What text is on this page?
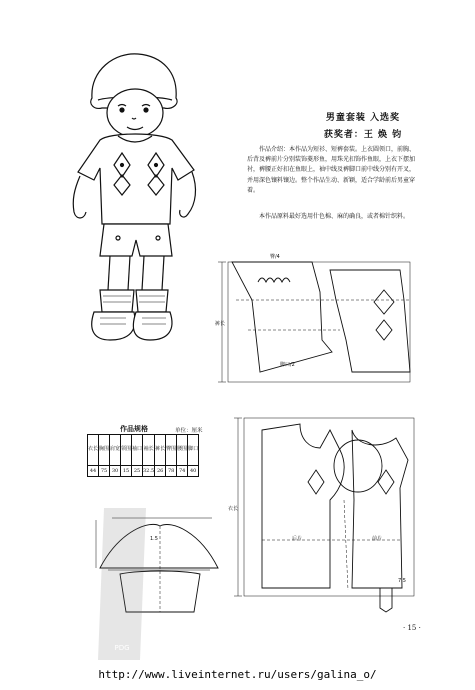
PDG
裤长
臀/4
脚口/2
衣长
后片	前片
7.5
1.5
男童套装 入选奖
获奖者：王 焕 钧

作品介绍：本作品为短衫、短裤套装。上衣圆领口，前胸、后背及裤前片分别装饰菱形鱼，用珠光扣饰作鱼眼，上衣下摆加衬，裤腰正好扣在鱼眼上，袖中线及裤脚口前中线分别有开叉，并用深色镶料镶边。整个作品生动、新颖，适合学龄前后男童穿着。

本作品原料最好选用什色棉、麻的确良，或者棉针织料。

作品规格	单位：厘米
衣长	胸围	肩宽	领围	袖口	袖长	裤长	臀围	腰围	脚口
44	75	30	15	25	32.5	26	78	74	40
· 15 ·
http://www.liveinternet.ru/users/galina_o/
